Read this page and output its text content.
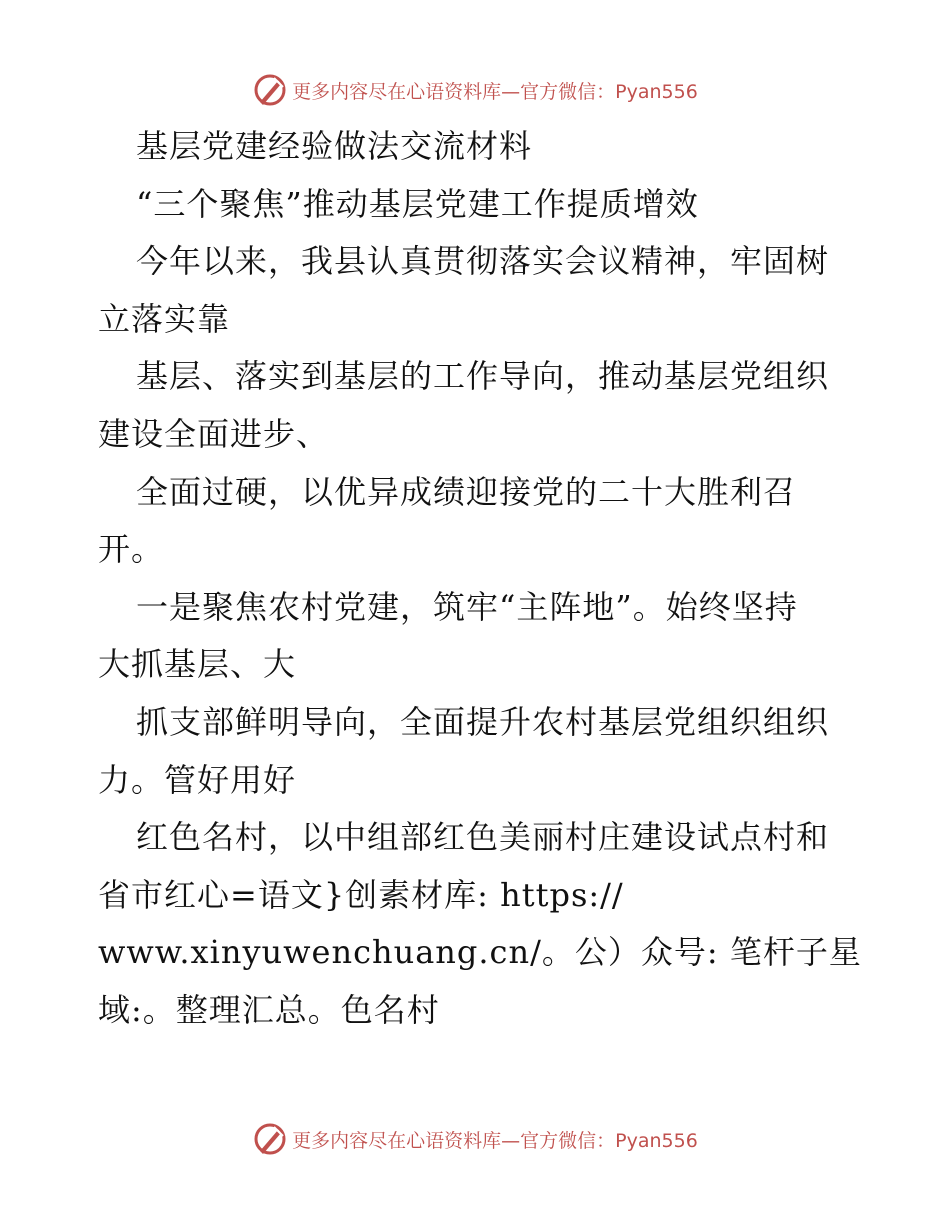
更多内容尽在心语资料库—官方微信：Pyan556
基层党建经验做法交流材料
“三个聚焦”推动基层党建工作提质增效
今年以来，我县认真贯彻落实会议精神，牢固树
立落实靠
基层、落实到基层的工作导向，推动基层党组织
建设全面进步、
全面过硬，以优异成绩迎接党的二十大胜利召
开。
一是聚焦农村党建，筑牢“主阵地”。始终坚持
大抓基层、大
抓支部鲜明导向，全面提升农村基层党组织组织
力。管好用好
红色名村，以中组部红色美丽村庄建设试点村和
省市红心=语文}创素材库: https://
www.xinyuwenchuang.cn/。公）众号: 笔杆子星
域:。整理汇总。色名村
更多内容尽在心语资料库—官方微信：Pyan556
